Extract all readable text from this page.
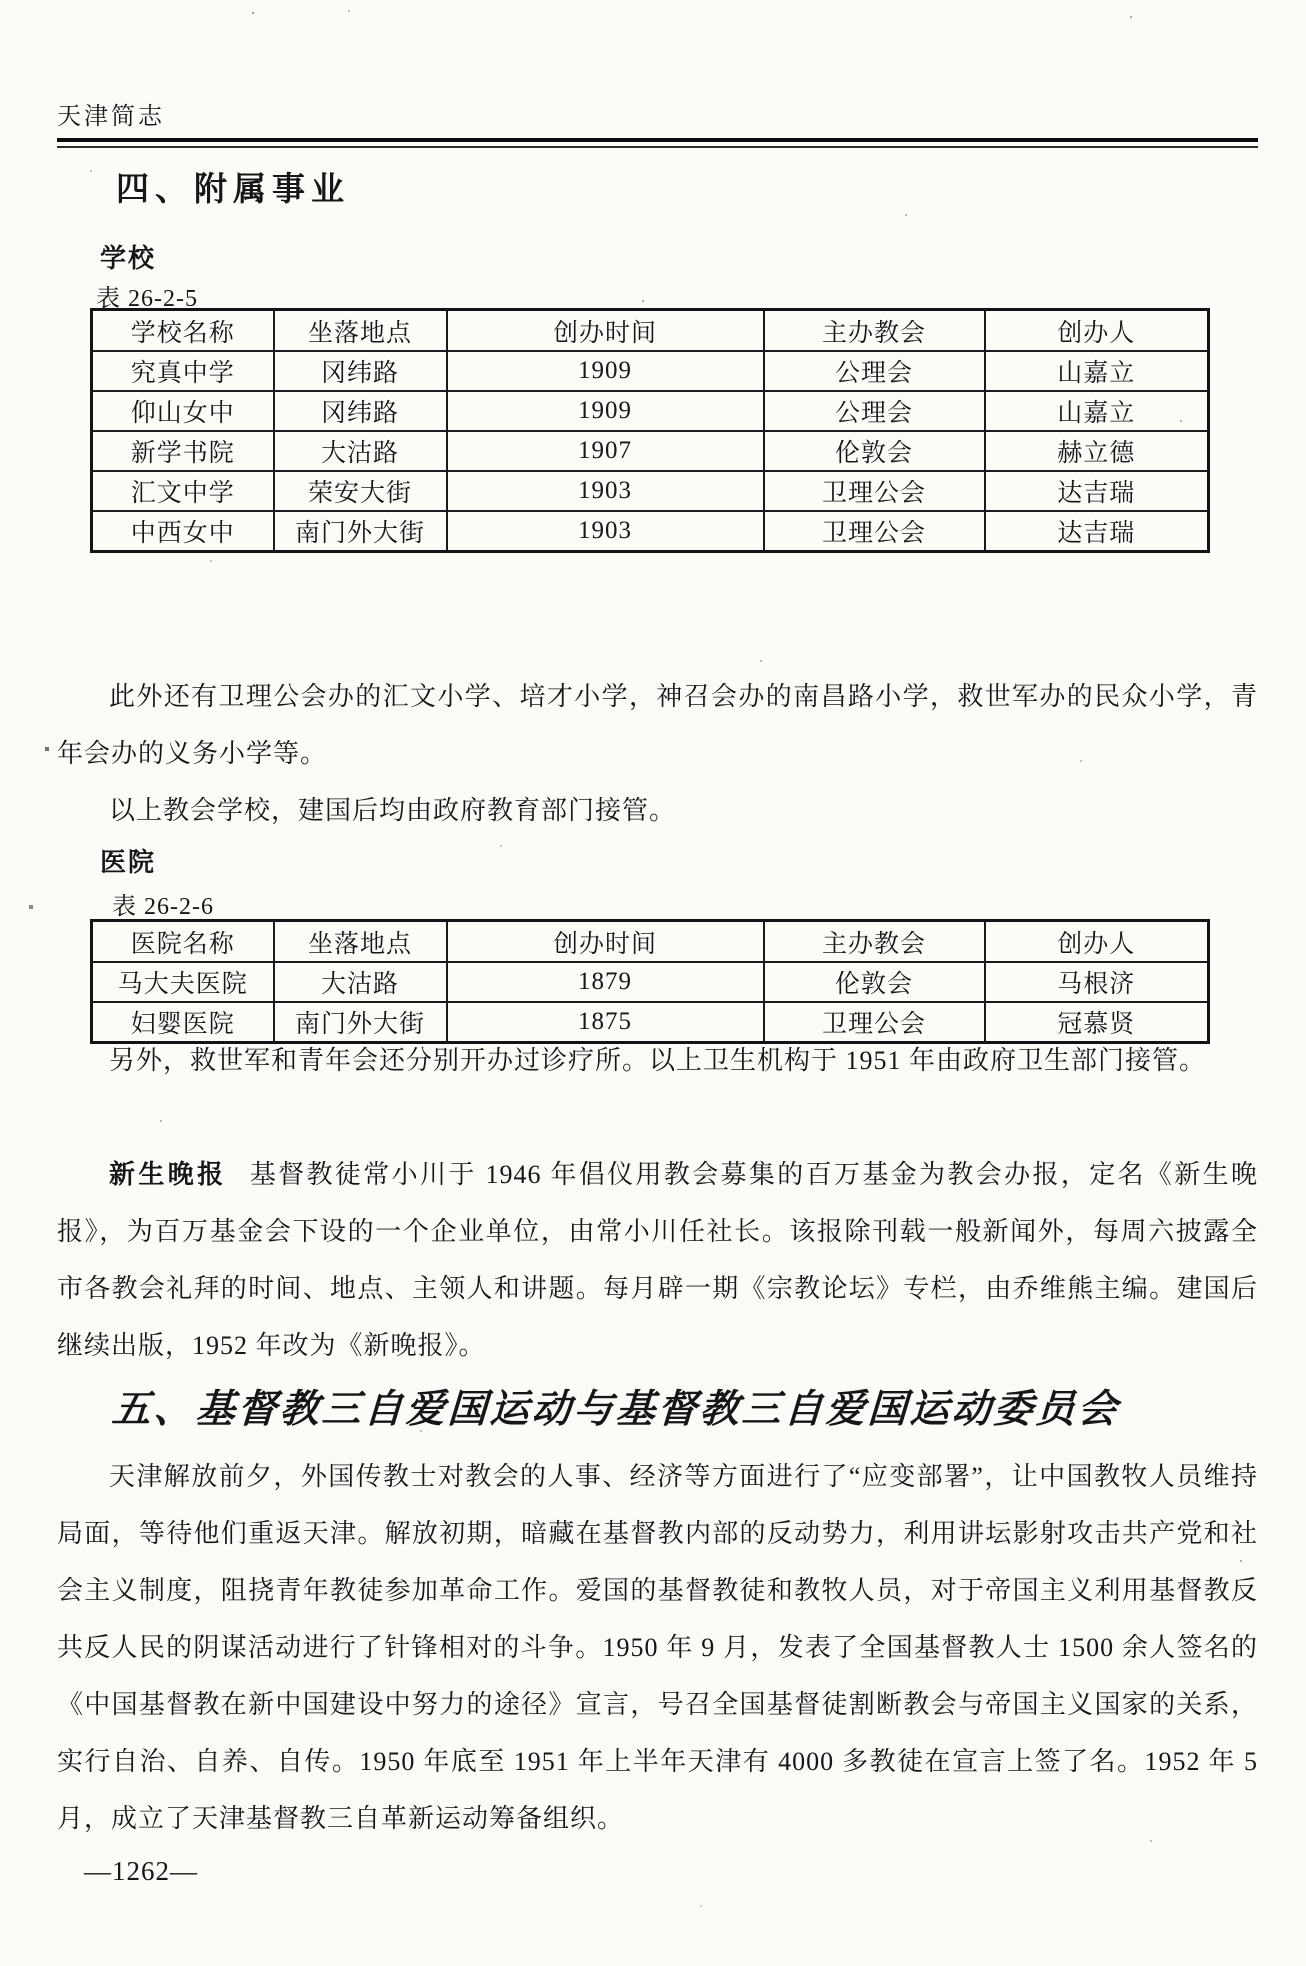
天津简志
四、附属事业
学校
表 26-2-5
学校名称	坐落地点	创办时间	主办教会	创办人
究真中学	冈纬路	1909	公理会	山嘉立
仰山女中	冈纬路	1909	公理会	山嘉立
新学书院	大沽路	1907	伦敦会	赫立德
汇文中学	荣安大街	1903	卫理公会	达吉瑞
中西女中	南门外大街	1903	卫理公会	达吉瑞

此外还有卫理公会办的汇文小学、培才小学，神召会办的南昌路小学，救世军办的民众小学，青年会办的义务小学等。

以上教会学校，建国后均由政府教育部门接管。

医院
表 26-2-6
医院名称	坐落地点	创办时间	主办教会	创办人
马大夫医院	大沽路	1879	伦敦会	马根济
妇婴医院	南门外大街	1875	卫理公会	冠慕贤

另外，救世军和青年会还分别开办过诊疗所。以上卫生机构于 1951 年由政府卫生部门接管。

新生晚报 基督教徒常小川于 1946 年倡仪用教会募集的百万基金为教会办报，定名《新生晚报》，为百万基金会下设的一个企业单位，由常小川任社长。该报除刊载一般新闻外，每周六披露全市各教会礼拜的时间、地点、主领人和讲题。每月辟一期《宗教论坛》专栏，由乔维熊主编。建国后继续出版，1952 年改为《新晚报》。

五、基督教三自爱国运动与基督教三自爱国运动委员会

天津解放前夕，外国传教士对教会的人事、经济等方面进行了“应变部署”，让中国教牧人员维持局面，等待他们重返天津。解放初期，暗藏在基督教内部的反动势力，利用讲坛影射攻击共产党和社会主义制度，阻挠青年教徒参加革命工作。爱国的基督教徒和教牧人员，对于帝国主义利用基督教反共反人民的阴谋活动进行了针锋相对的斗争。1950 年 9 月，发表了全国基督教人士 1500 余人签名的《中国基督教在新中国建设中努力的途径》宣言，号召全国基督徒割断教会与帝国主义国家的关系，实行自治、自养、自传。1950 年底至 1951 年上半年天津有 4000 多教徒在宣言上签了名。1952 年 5 月，成立了天津基督教三自革新运动筹备组织。

—1262—
